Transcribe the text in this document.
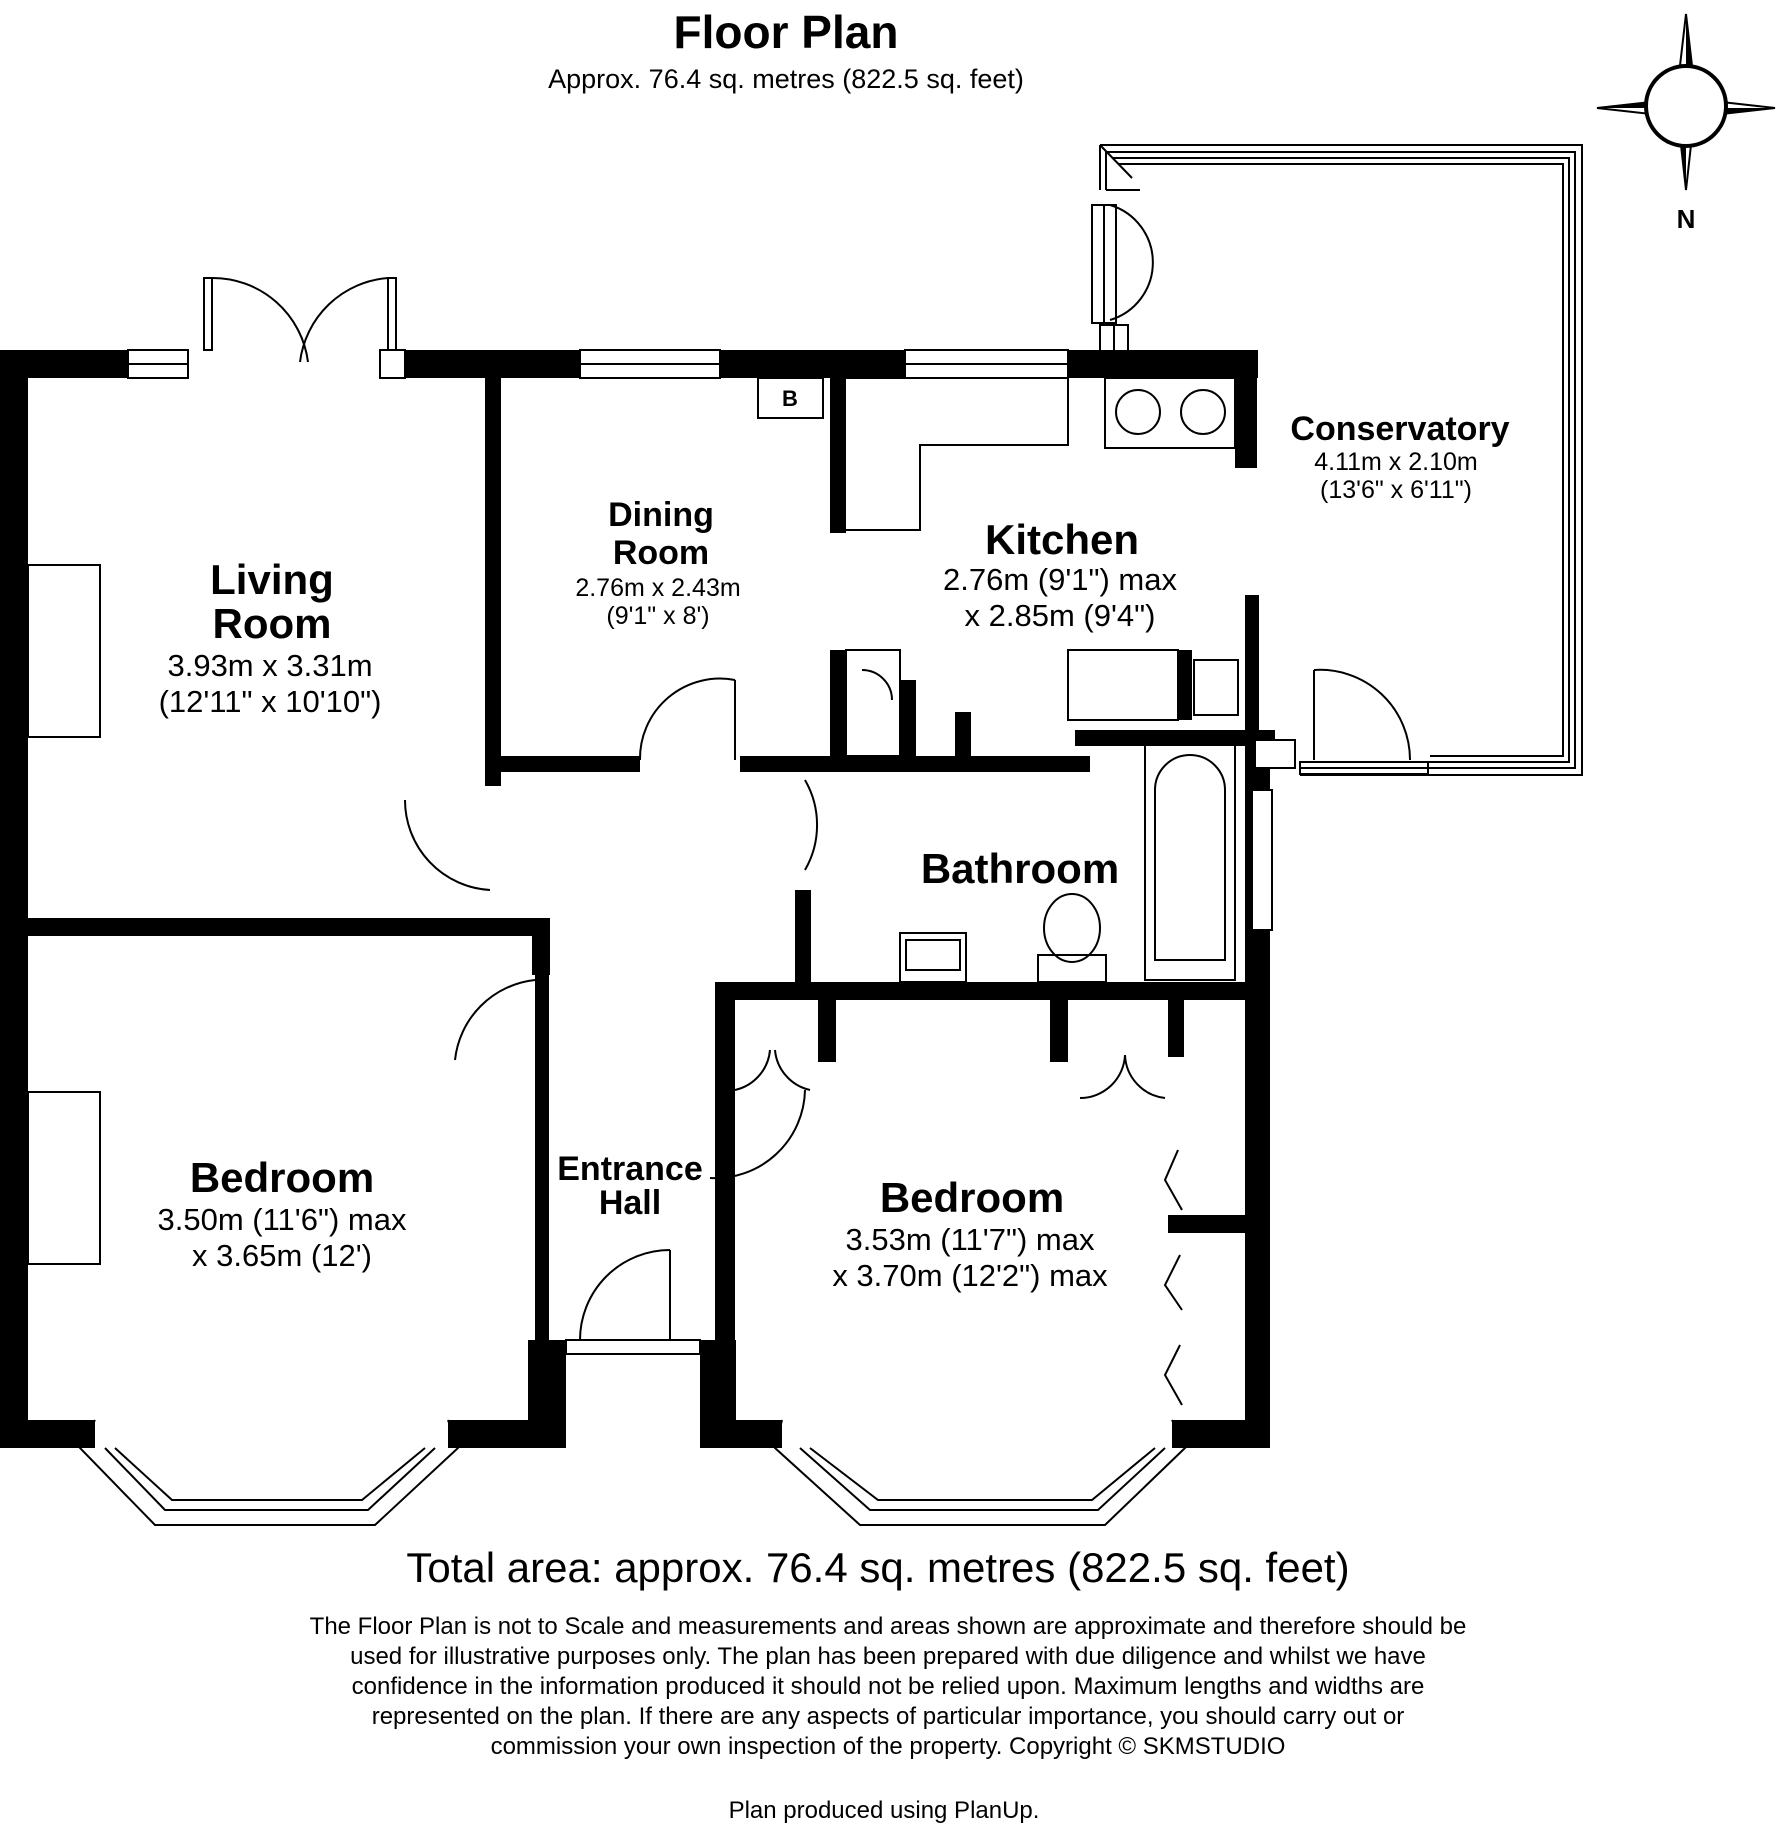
Floor Plan
Approx. 76.4 sq. metres (822.5 sq. feet)
N
B
Living
Room
3.93m x 3.31m
(12'11" x 10'10")
Dining
Room
2.76m x 2.43m
(9'1" x 8')
Kitchen
2.76m (9'1") max
x 2.85m (9'4")
Conservatory
4.11m x 2.10m
(13'6" x 6'11")
Bathroom
Bedroom
3.50m (11'6") max
x 3.65m (12')
Entrance
Hall	Bedroom
3.53m (11'7") max
x 3.70m (12'2") max
Total area: approx. 76.4 sq. metres (822.5 sq. feet)
The Floor Plan is not to Scale and measurements and areas shown are approximate and therefore should be
used for illustrative purposes only. The plan has been prepared with due diligence and whilst we have
confidence in the information produced it should not be relied upon. Maximum lengths and widths are
represented on the plan. If there are any aspects of particular importance, you should carry out or
commission your own inspection of the property. Copyright © SKMSTUDIO
Plan produced using PlanUp.
